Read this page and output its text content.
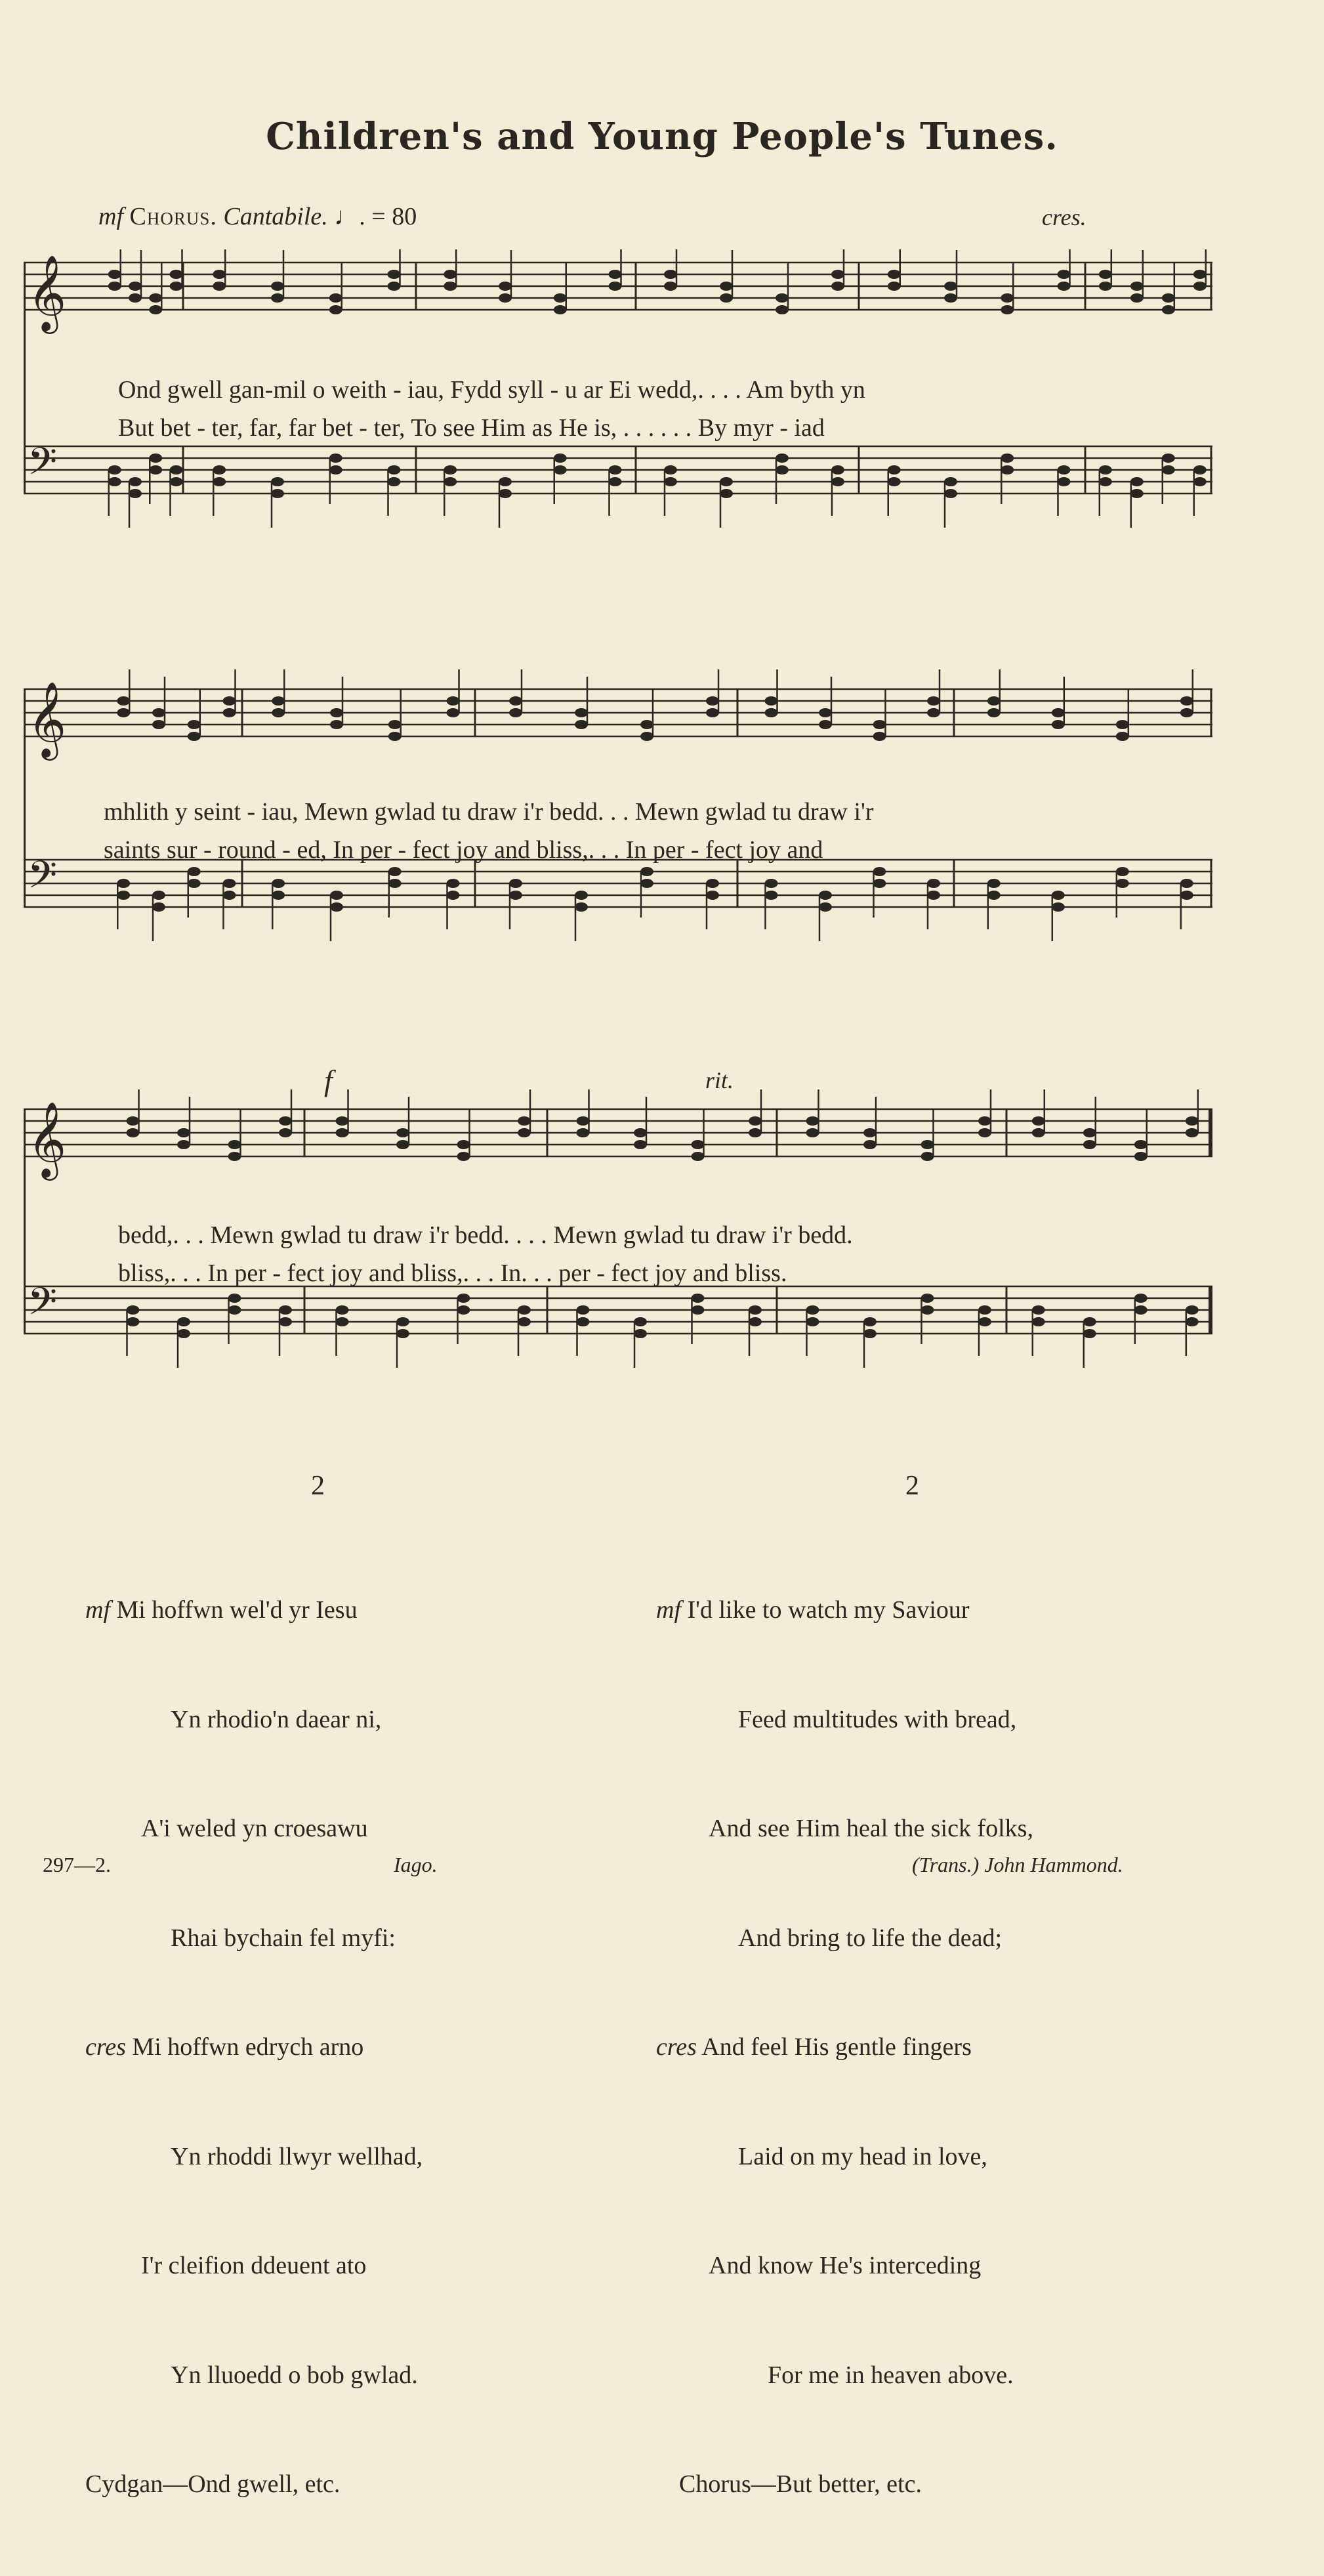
Children's and Young People's Tunes.
mf Chorus. Cantabile. ♩. = 80	cres.
f	rit.
𝄞
𝄢
Ond gwell gan-mil o weith - iau, Fydd syll - u ar Ei wedd,. . . . Am byth yn
But bet - ter, far, far bet - ter, To see Him as He is, . . . . . . By myr - iad
𝄞
𝄢
mhlith y seint - iau, Mewn gwlad tu draw i'r bedd. . . Mewn gwlad tu draw i'r
saints sur - round - ed, In per - fect joy and bliss,. . . In per - fect joy and
𝄞
𝄢
bedd,. . . Mewn gwlad tu draw i'r bedd. . . . Mewn gwlad tu draw i'r bedd.
bliss,. . . In per - fect joy and bliss,. . . In. . . per - fect joy and bliss.
2	2

mf Mi hoffwn wel'd yr Iesu

Yn rhodio'n daear ni,

A'i weled yn croesawu

Rhai bychain fel myfi:

cres Mi hoffwn edrych arno

Yn rhoddi llwyr wellhad,

I'r cleifion ddeuent ato

Yn lluoedd o bob gwlad.

Cydgan—Ond gwell, etc.

mf I'd like to watch my Saviour

Feed multitudes with bread,

And see Him heal the sick folks,

And bring to life the dead;

cres And feel His gentle fingers

Laid on my head in love,

And know He's interceding

For me in heaven above.

Chorus—But better, etc.

297—2.	Iago.	(Trans.) John Hammond.
